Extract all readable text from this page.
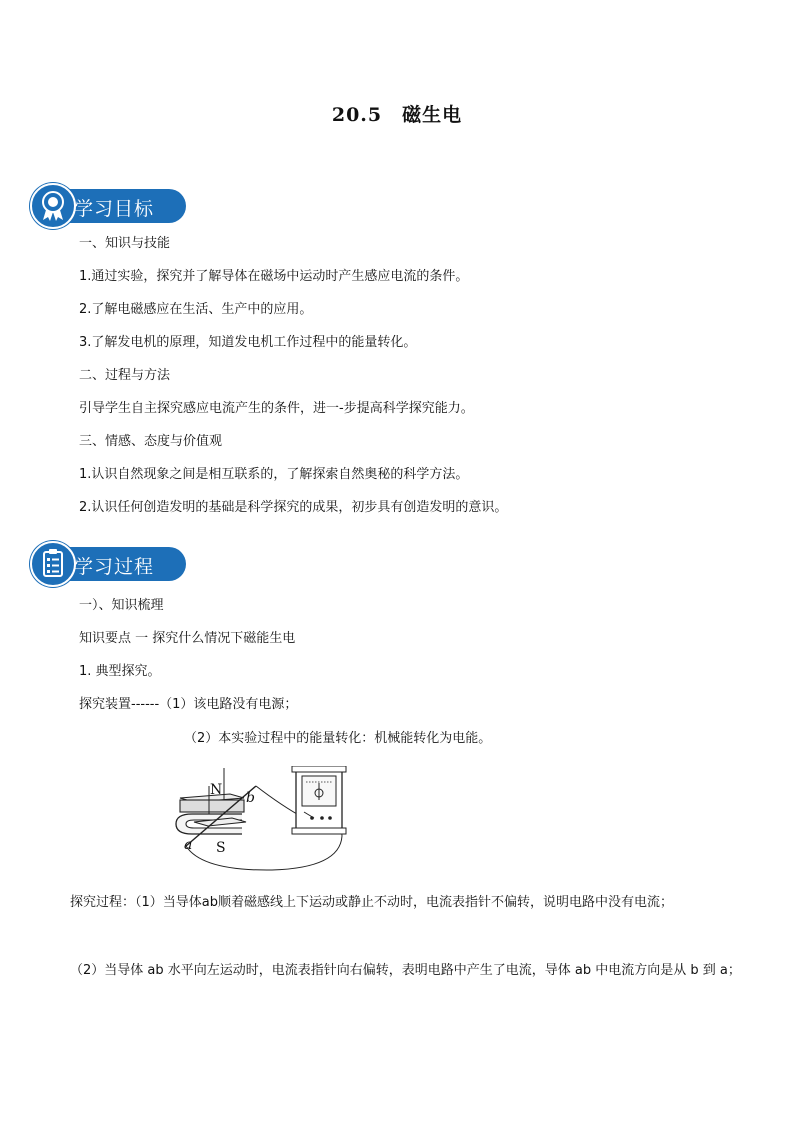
20.5　磁生电
学习目标
一、知识与技能
1.通过实验，探究并了解导体在磁场中运动时产生感应电流的条件。
2.了解电磁感应在生活、生产中的应用。
3.了解发电机的原理，知道发电机工作过程中的能量转化。
二、过程与方法
引导学生自主探究感应电流产生的条件，进一-步提高科学探究能力。
三、情感、态度与价值观
1.认识自然现象之间是相互联系的，了解探索自然奥秘的科学方法。
2.认识任何创造发明的基础是科学探究的成果，初步具有创造发明的意识。
学习过程
一）、知识梳理
知识要点 一 探究什么情况下磁能生电
1. 典型探究。
探究装置------（1）该电路没有电源；
（2）本实验过程中的能量转化：机械能转化为电能。
N
S
a
b
探究过程：（1）当导体ab顺着磁感线上下运动或静止不动时，电流表指针不偏转，说明电路中没有电流；
（2）当导体 ab 水平向左运动时，电流表指针向右偏转，表明电路中产生了电流，导体 ab 中电流方向是从 b 到 a；
